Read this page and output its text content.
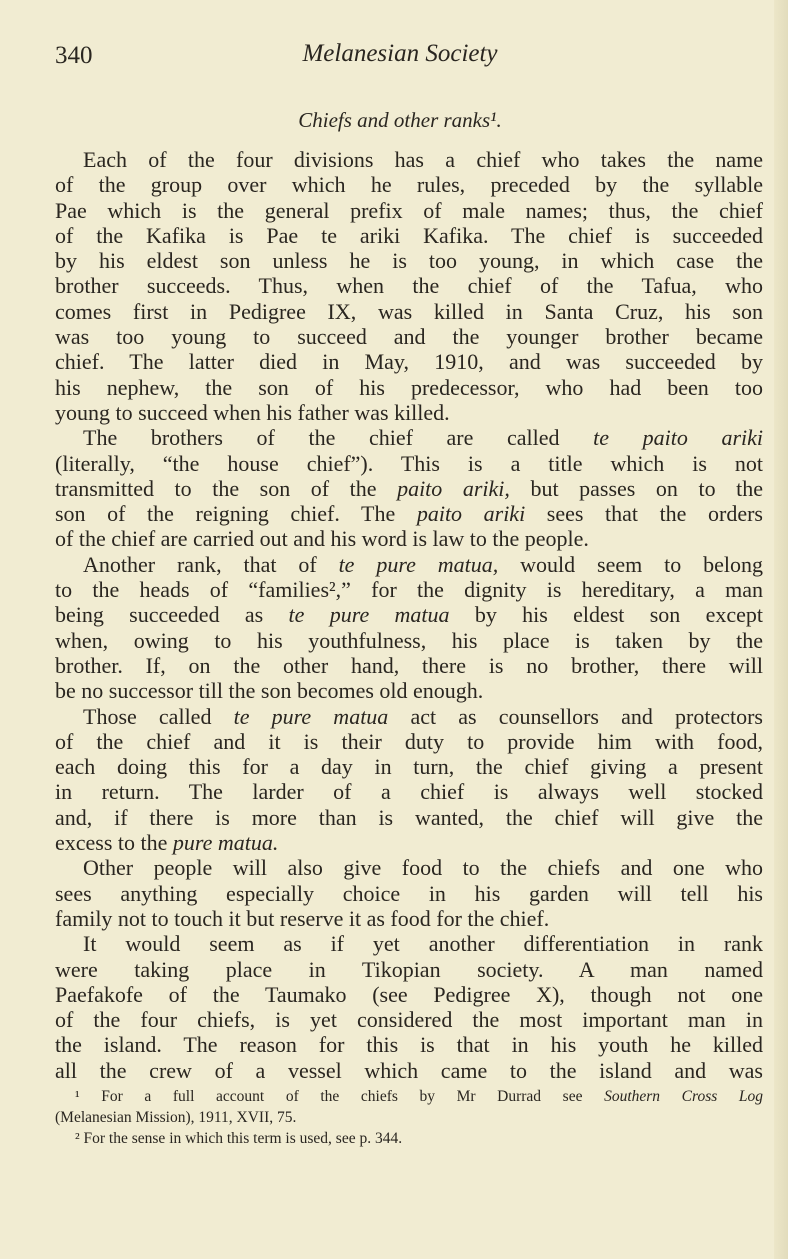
340	Melanesian Society
Chiefs and other ranks¹.
Each of the four divisions has a chief who takes the name
of the group over which he rules, preceded by the syllable
Pae which is the general prefix of male names; thus, the chief
of the Kafika is Pae te ariki Kafika. The chief is succeeded
by his eldest son unless he is too young, in which case the
brother succeeds. Thus, when the chief of the Tafua, who
comes first in Pedigree IX, was killed in Santa Cruz, his son
was too young to succeed and the younger brother became
chief. The latter died in May, 1910, and was succeeded by
his nephew, the son of his predecessor, who had been too
young to succeed when his father was killed.
The brothers of the chief are called te paito ariki
(literally, “the house chief”). This is a title which is not
transmitted to the son of the paito ariki, but passes on to the
son of the reigning chief. The paito ariki sees that the orders
of the chief are carried out and his word is law to the people.
Another rank, that of te pure matua, would seem to belong
to the heads of “families²,” for the dignity is hereditary, a man
being succeeded as te pure matua by his eldest son except
when, owing to his youthfulness, his place is taken by the
brother. If, on the other hand, there is no brother, there will
be no successor till the son becomes old enough.
Those called te pure matua act as counsellors and protectors
of the chief and it is their duty to provide him with food,
each doing this for a day in turn, the chief giving a present
in return. The larder of a chief is always well stocked
and, if there is more than is wanted, the chief will give the
excess to the pure matua.
Other people will also give food to the chiefs and one who
sees anything especially choice in his garden will tell his
family not to touch it but reserve it as food for the chief.
It would seem as if yet another differentiation in rank
were taking place in Tikopian society. A man named
Paefakofe of the Taumako (see Pedigree X), though not one
of the four chiefs, is yet considered the most important man in
the island. The reason for this is that in his youth he killed
all the crew of a vessel which came to the island and was
¹ For a full account of the chiefs by Mr Durrad see Southern Cross Log
(Melanesian Mission), 1911, XVII, 75.
² For the sense in which this term is used, see p. 344.
